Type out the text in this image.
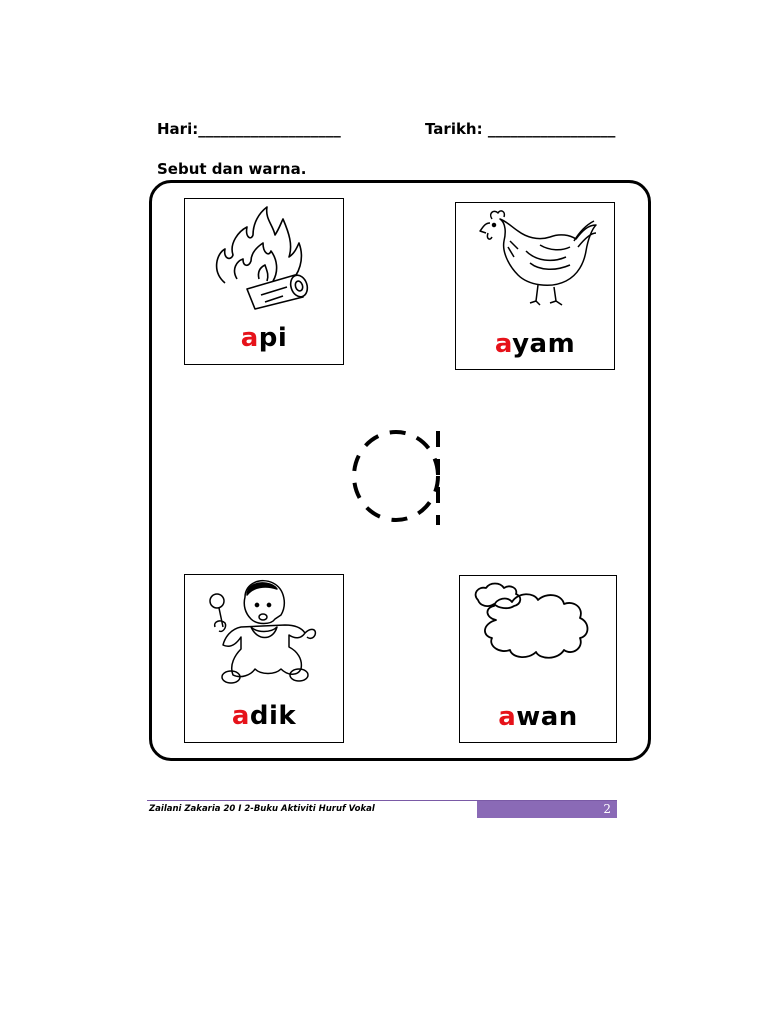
Hari:___________________	Tarikh: _________________
Sebut dan warna.
api	ayam
adik	awan
Zailani Zakaria 20 I 2-Buku Aktiviti Huruf Vokal	2
